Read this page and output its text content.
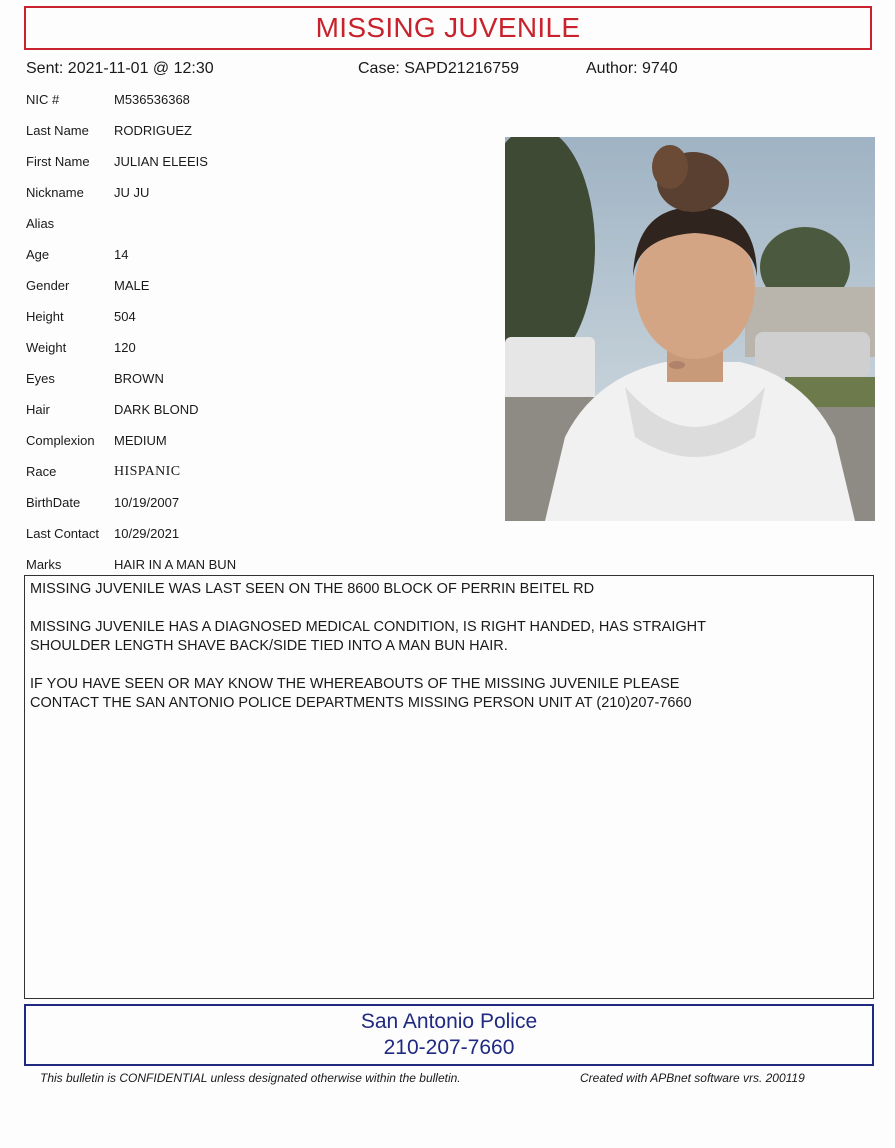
MISSING JUVENILE
Sent: 2021-11-01 @ 12:30	Case: SAPD21216759	Author: 9740
NIC #	M536536368
Last Name RODRIGUEZ
First Name JULIAN ELEEIS
Nickname JU JU
Alias
Age	14
Gender	MALE
Height	504
Weight	120
Eyes	BROWN
Hair	DARK BLOND
Complexion MEDIUM
Race	HISPANIC
BirthDate	10/19/2007
Last Contact 10/29/2021
Marks	HAIR IN A MAN BUN

MISSING JUVENILE WAS LAST SEEN ON THE 8600 BLOCK OF PERRIN BEITEL RD

MISSING JUVENILE HAS A DIAGNOSED MEDICAL CONDITION, IS RIGHT HANDED, HAS STRAIGHT
SHOULDER LENGTH SHAVE BACK/SIDE TIED INTO A MAN BUN HAIR.

IF YOU HAVE SEEN OR MAY KNOW THE WHEREABOUTS OF THE MISSING JUVENILE PLEASE
CONTACT THE SAN ANTONIO POLICE DEPARTMENTS MISSING PERSON UNIT AT (210)207-7660

San Antonio Police
210-207-7660
This bulletin is CONFIDENTIAL unless designated otherwise within the bulletin.	Created with APBnet software vrs. 200119
